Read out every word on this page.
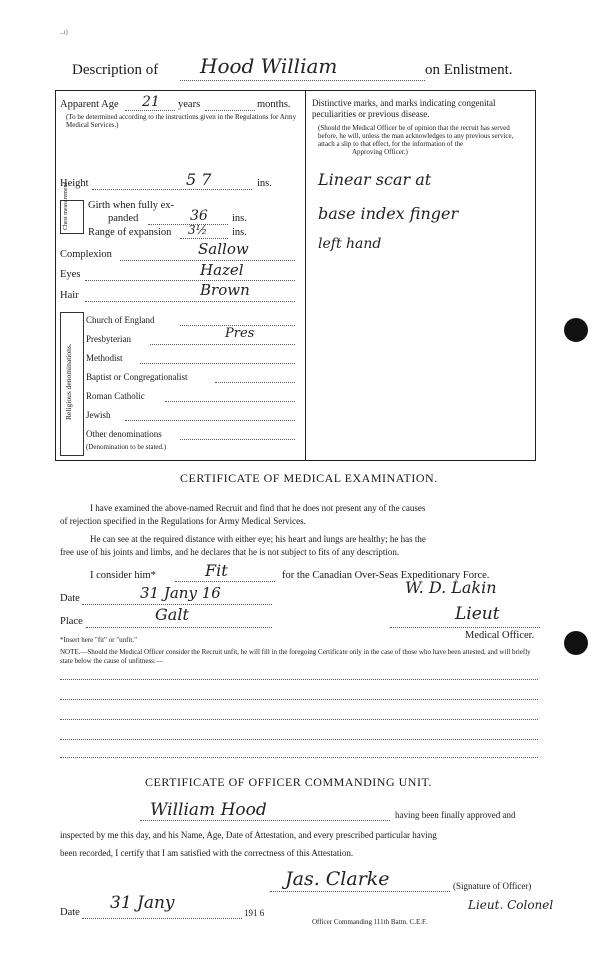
..ı)
Description of Hood William	on Enlistment.
Apparent Age 21 years	months.
(To be determined according to the instructions given in the Regulations for Army Medical Services.)
Height	5 7	ins.
Chest measurement Girth when fully ex-
panded	36 ins.
Range of expansion 3½ ins.
Complexion	Sallow
Eyes	Hazel
Hair	Brown
Religious denominations.
Church of England
Presbyterian	Pres
Methodist
Baptist or Congregationalist
Roman Catholic
Jewish
Other denominations
(Denomination to be stated.)
Distinctive marks, and marks indicating congenital
peculiarities or previous disease.
(Should the Medical Officer be of opinion that the recruit has served
before, he will, unless the man acknowledges to any previous service,
attach a slip to that effect, for the information of the
Approving Officer.)
Linear scar at
base index finger
left hand
CERTIFICATE OF MEDICAL EXAMINATION.
I have examined the above-named Recruit and find that he does not present any of the causes
of rejection specified in the Regulations for Army Medical Services.
He can see at the required distance with either eye; his heart and lungs are healthy; he has the
free use of his joints and limbs, and he declares that he is not subject to fits of any description.
I consider him*	Fit	for the Canadian Over-Seas Expeditionary Force.
Date	31 Jany 16	W. D. Lakin
Place	Galt	Lieut
Medical Officer.
*Insert here "fit" or "unfit."
NOTE.—Should the Medical Officer consider the Recruit unfit, he will fill in the foregoing Certificate only in the case of those who have been attested, and will briefly state below the cause of unfitness:—
CERTIFICATE OF OFFICER COMMANDING UNIT.
William Hood	having been finally approved and
inspected by me this day, and his Name, Age, Date of Attestation, and every prescribed particular having
been recorded, I certify that I am satisfied with the correctness of this Attestation.
Jas. Clarke	(Signature of Officer)
Date 31 Jany	191 6
Lieut. Colonel
Officer Commanding 111th Battn. C.E.F.
